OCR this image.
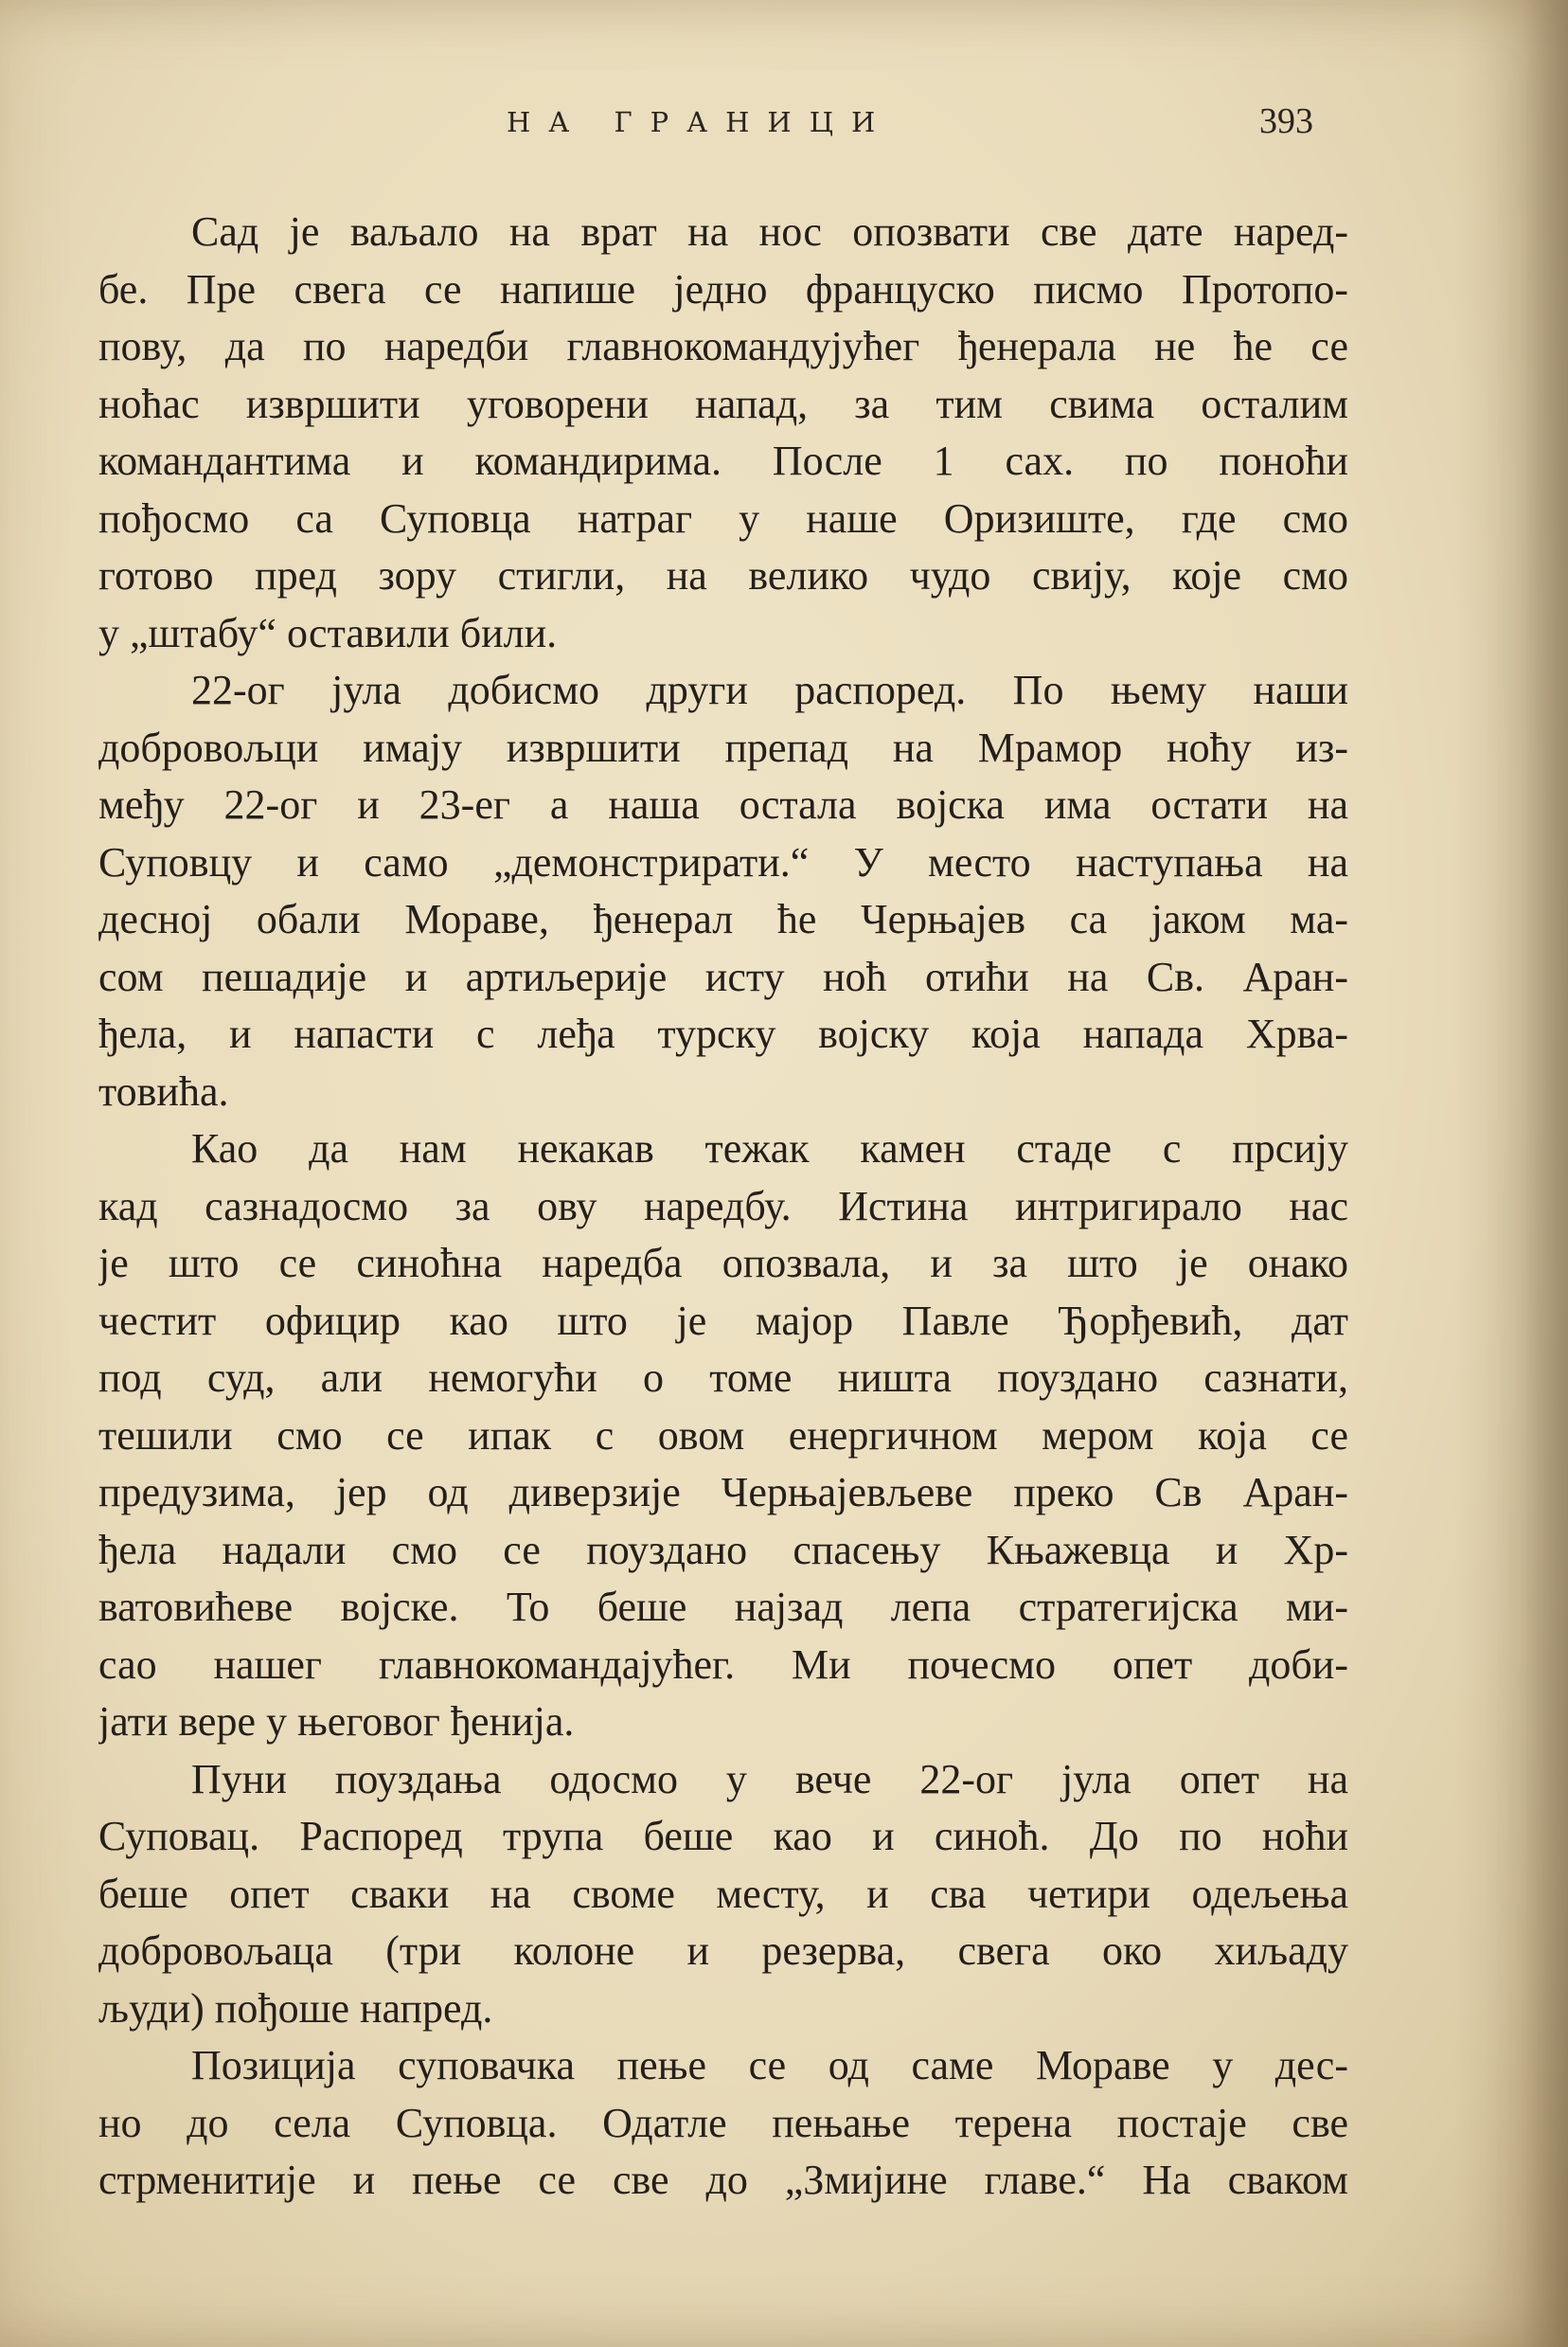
НА ГРАНИЦИ	393
Сад је ваљало на врат на нос опозвати све дате наред-
бе. Пре свега се напише једно француско писмо Протопо-
пову, да по наредби главнокомандујућег ђенерала не ће се
ноћас извршити уговорени напад, за тим свима осталим
командантима и командирима. После 1 сах. по поноћи
пођосмо са Суповца натраг у наше Оризиште, где смо
готово пред зору стигли, на велико чудо свију, које смо
у „штабу“ оставили били.
22-ог јула добисмо други распоред. По њему наши
добровољци имају извршити препад на Мрамор ноћу из-
међу 22-ог и 23-ег а наша остала војска има остати на
Суповцу и само „демонстрирати.“ У место наступања на
десној обали Мораве, ђенерал ће Черњајев са јаком ма-
сом пешадије и артиљерије исту ноћ отићи на Св. Аран-
ђела, и напасти с леђа турску војску која напада Хрва-
товића.
Као да нам некакав тежак камен стаде с прсију
кад сазнадосмо за ову наредбу. Истина интригирало нас
је што се синоћна наредба опозвала, и за што је онако
честит официр као што је мајор Павле Ђорђевић, дат
под суд, али немогући о томе ништа поуздано сазнати,
тешили смо се ипак с овом енергичном мером која се
предузима, јер од диверзије Черњајевљеве преко Св Аран-
ђела надали смо се поуздано спасењу Књажевца и Хр-
ватовићеве војске. То беше најзад лепа стратегијска ми-
сао нашег главнокомандајућег. Ми почесмо опет доби-
јати вере у његовог ђенија.
Пуни поуздања одосмо у вече 22-ог јула опет на
Суповац. Распоред трупа беше као и синоћ. До по ноћи
беше опет сваки на своме месту, и сва четири одељења
добровољаца (три колоне и резерва, свега око хиљаду
људи) пођоше напред.
Позиција суповачка пење се од саме Мораве у дес-
но до села Суповца. Одатле пењање терена постаје све
стрменитије и пење се све до „Змијине главе.“ На сваком
